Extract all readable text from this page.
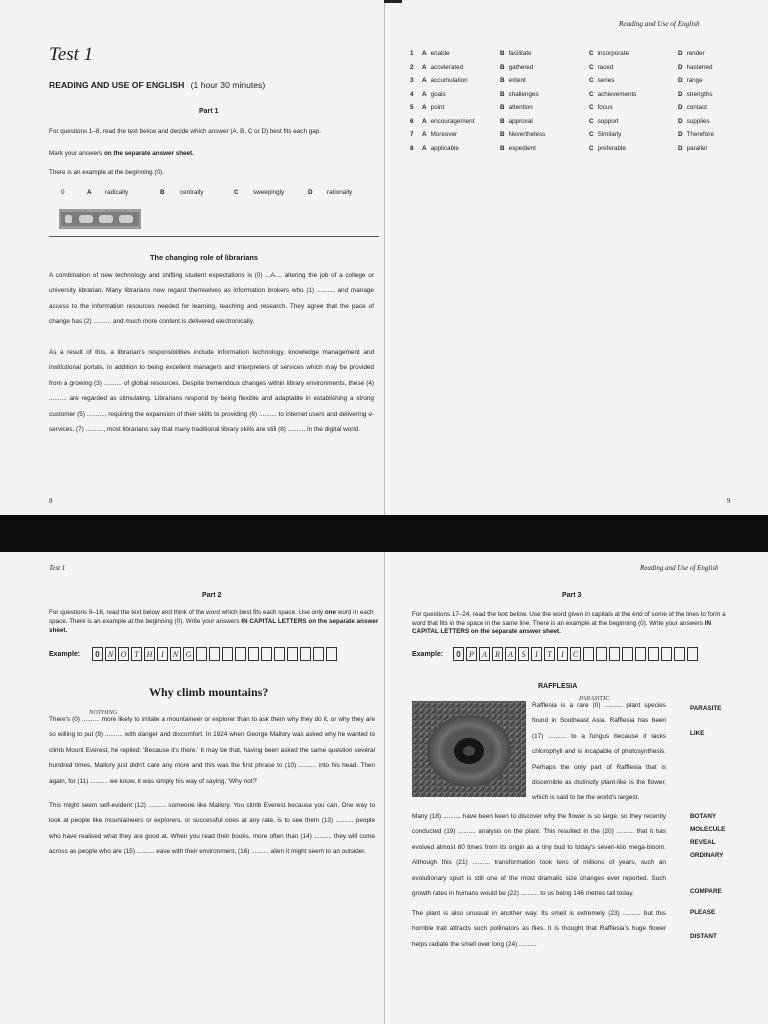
Test 1
READING AND USE OF ENGLISH (1 hour 30 minutes)
Part 1
For questions 1–8, read the text below and decide which answer (A, B, C or D) best fits each gap.
Mark your answers on the separate answer sheet.
There is an example at the beginning (0).
0	A radically	B centrally	C sweepingly	D rationally
The changing role of librarians
A combination of new technology and shifting student expectations is (0) ...A.... altering the job of a college or university librarian. Many librarians now regard themselves as information brokers who (1) .......... and manage access to the information resources needed for learning, teaching and research. They agree that the pace of change has (2) .......... and much more content is delivered electronically.
As a result of this, a librarian's responsibilities include information technology, knowledge management and institutional portals, in addition to being excellent managers and interpreters of services which may be provided from a growing (3) .......... of global resources. Despite tremendous changes within library environments, these (4) .......... are regarded as stimulating. Librarians respond by being flexible and adaptable in establishing a strong customer (5) .........., requiring the expansion of their skills to providing (6) .......... to internet users and delivering e-services. (7) .........., most librarians say that many traditional library skills are still (8) .......... in the digital world.
8
Reading and Use of English
1	A enable	B facilitate	C incorporate	D render
2	A accelerated	B gathered	C raced	D hastened
3	A accumulation	B extent	C series	D range
4	A goals	B challenges	C achievements	D strengths
5	A point	B attention	C focus	D contact
6	A encouragement	B approval	C support	D supplies
7	A Moreover	B Nevertheless	C Similarly	D Therefore
8	A applicable	B expedient	C preferable	D parallel
9
Test 1	Reading and Use of English
Part 2
For questions 9–16, read the text below and think of the word which best fits each space. Use only one word in each space. There is an example at the beginning (0). Write your answers IN CAPITAL LETTERS on the separate answer sheet.
Example:	0	N O T H	I	N G
Why climb mountains?
NOTHING
There's (0) .......... more likely to irritate a mountaineer or explorer than to ask them why they do it, or why they are so willing to put (9) .......... with danger and discomfort. In 1924 when George Mallory was asked why he wanted to climb Mount Everest, he replied: 'Because it's there.' It may be that, having been asked the same question several hundred times, Mallory just didn't care any more and this was the first phrase to (10) .......... into his head. Then again, for (11) .......... we know, it was simply his way of saying, 'Why not?'
This might seem self-evident (12) .......... someone like Mallory. You climb Everest because you can. One way to look at people like mountaineers or explorers, or successful ones at any rate, is to see them (13) .......... people who have realised what they are good at. When you read their books, more often than (14) .......... they will come across as people who are (15) .......... ease with their environment, (16) .......... alien it might seem to an outsider.
Part 3
For questions 17–24, read the text below. Use the word given in capitals at the end of some of the lines to form a word that fits in the space in the same line. There is an example at the beginning (0). Write your answers IN CAPITAL LETTERS on the separate answer sheet.
Example:	0	P	A	R	A	S	I	T	I	C
RAFFLESIA
PARASITIC
Rafflesia is a rare (0) .......... plant species found in Southeast Asia. Rafflesia has been (17) .......... to a fungus because it lacks chlorophyll and is incapable of photosynthesis. Perhaps the only part of Rafflesia that is discernible as distinctly plant-like is the flower, which is said to be the world's largest.
Many (18) .......... have been keen to discover why the flower is so large, so they recently conducted (19) .......... analysis on the plant. This resulted in the (20) .......... that it has evolved almost 80 times from its origin as a tiny bud to today's seven-kilo mega-bloom. Although this (21) .......... transformation took tens of millions of years, such an evolutionary spurt is still one of the most dramatic size changes ever reported. Such growth rates in humans would be (22) .......... to us being 146 metres tall today.
The plant is also unusual in another way. Its smell is extremely (23) .......... but this horrible trait attracts such pollinators as flies. It is thought that Rafflesia's huge flower helps radiate the smell over long (24) ..........
PARASITE
LIKE
BOTANY
MOLECULE
REVEAL
ORDINARY
COMPARE
PLEASE
DISTANT
